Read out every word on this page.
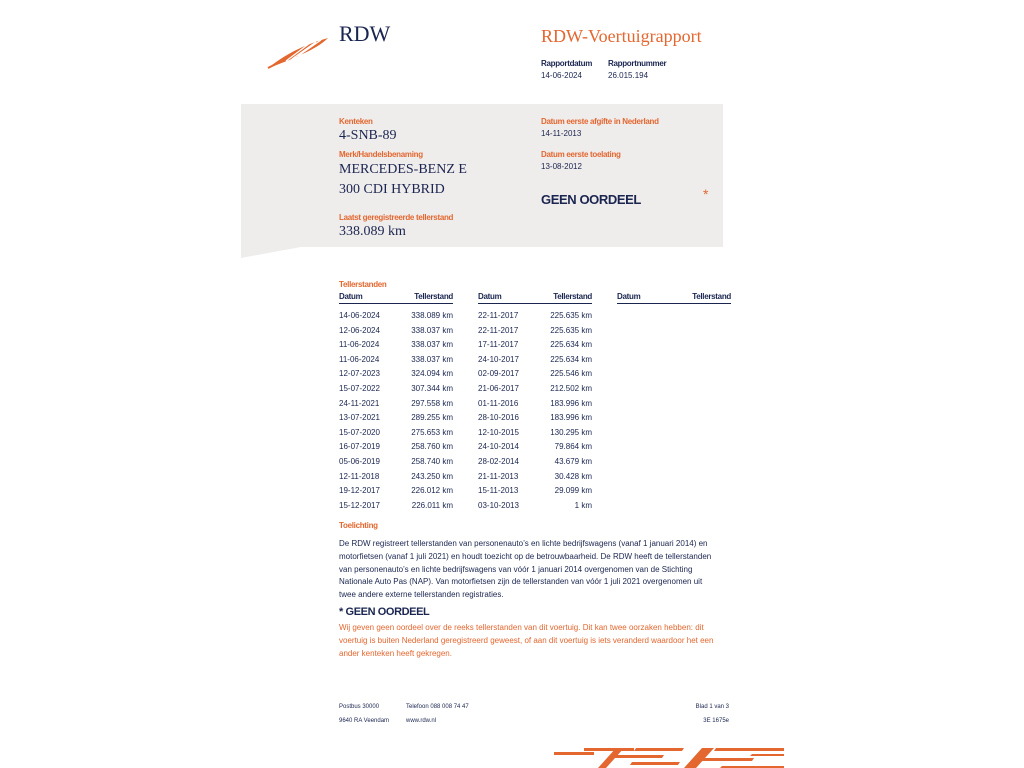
RDW	RDW-Voertuigrapport
Rapportdatum
14-06-2024
Rapportnummer
26.015.194
Kenteken
4-SNB-89
Merk/Handelsbenaming
MERCEDES-BENZ E
300 CDI HYBRID
Laatst geregistreerde tellerstand
338.089 km
Datum eerste afgifte in Nederland
14-11-2013
Datum eerste toelating
13-08-2012
GEEN OORDEEL	*
Tellerstanden
Datum	Tellerstand
14-06-2024	338.089 km
12-06-2024	338.037 km
11-06-2024	338.037 km
11-06-2024	338.037 km
12-07-2023	324.094 km
15-07-2022	307.344 km
24-11-2021	297.558 km
13-07-2021	289.255 km
15-07-2020	275.653 km
16-07-2019	258.760 km
05-06-2019	258.740 km
12-11-2018	243.250 km
19-12-2017	226.012 km
15-12-2017	226.011 km
Datum	Tellerstand
22-11-2017	225.635 km
22-11-2017	225.635 km
17-11-2017	225.634 km
24-10-2017	225.634 km
02-09-2017	225.546 km
21-06-2017	212.502 km
01-11-2016	183.996 km
28-10-2016	183.996 km
12-10-2015	130.295 km
24-10-2014	79.864 km
28-02-2014	43.679 km
21-11-2013	30.428 km
15-11-2013	29.099 km
03-10-2013	1 km
Datum	Tellerstand
Toelichting
De RDW registreert tellerstanden van personenauto’s en lichte bedrijfswagens (vanaf 1 januari 2014) en
motorfietsen (vanaf 1 juli 2021) en houdt toezicht op de betrouwbaarheid. De RDW heeft de tellerstanden
van personenauto’s en lichte bedrijfswagens van vóór 1 januari 2014 overgenomen van de Stichting
Nationale Auto Pas (NAP). Van motorfietsen zijn de tellerstanden van vóór 1 juli 2021 overgenomen uit
twee andere externe tellerstanden registraties.
* GEEN OORDEEL
Wij geven geen oordeel over de reeks tellerstanden van dit voertuig. Dit kan twee oorzaken hebben: dit
voertuig is buiten Nederland geregistreerd geweest, of aan dit voertuig is iets veranderd waardoor het een
ander kenteken heeft gekregen.
Postbus 30000
9640 RA Veendam
Telefoon 088 008 74 47
www.rdw.nl
Blad 1 van 3
3E 1675e
